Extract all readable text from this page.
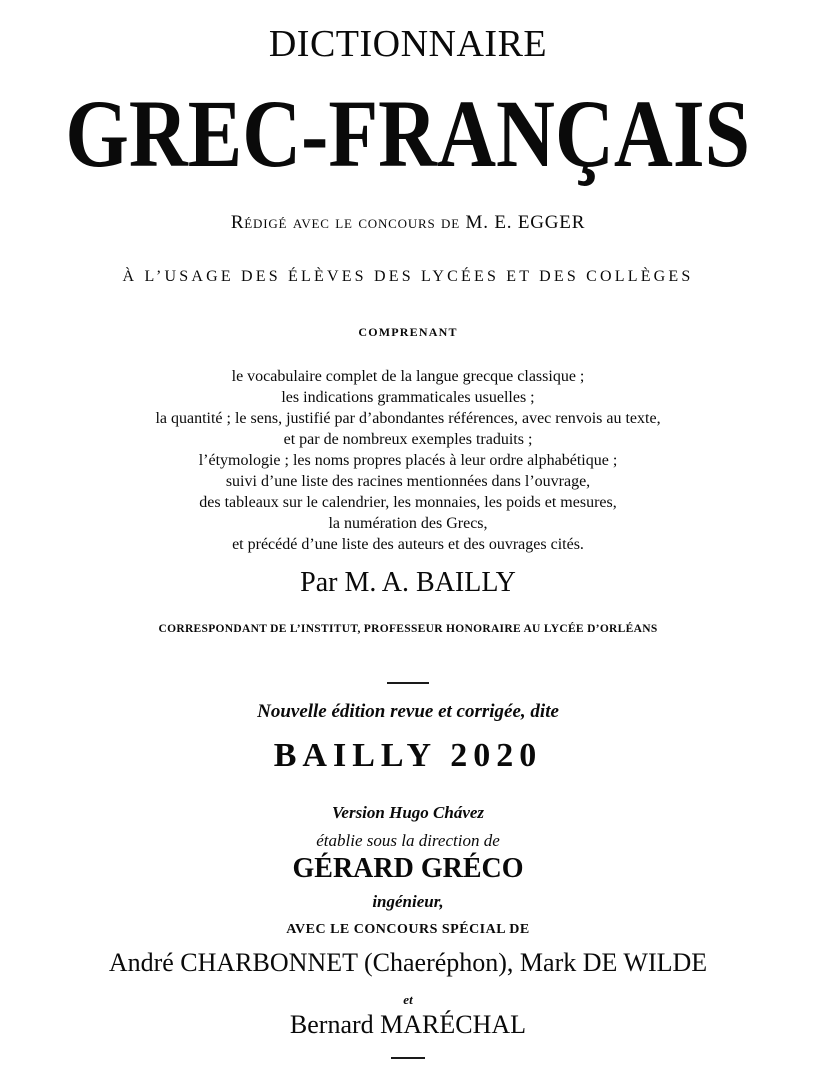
DICTIONNAIRE
GREC-FRANÇAIS
Rédigé avec le concours de M. E. EGGER
À L’USAGE DES ÉLÈVES DES LYCÉES ET DES COLLÈGES
COMPRENANT
le vocabulaire complet de la langue grecque classique ;
les indications grammaticales usuelles ;
la quantité ; le sens, justifié par d’abondantes références, avec renvois au texte,
et par de nombreux exemples traduits ;
l’étymologie ; les noms propres placés à leur ordre alphabétique ;
suivi d’une liste des racines mentionnées dans l’ouvrage,
des tableaux sur le calendrier, les monnaies, les poids et mesures,
la numération des Grecs,
et précédé d’une liste des auteurs et des ouvrages cités.
Par M. A. BAILLY
CORRESPONDANT DE L’INSTITUT, PROFESSEUR HONORAIRE AU LYCÉE D’ORLÉANS
Nouvelle édition revue et corrigée, dite
BAILLY 2020
Version Hugo Chávez
établie sous la direction de
GÉRARD GRÉCO
ingénieur,
AVEC LE CONCOURS SPÉCIAL DE
André CHARBONNET (Chaeréphon), Mark DE WILDE
et
Bernard MARÉCHAL
